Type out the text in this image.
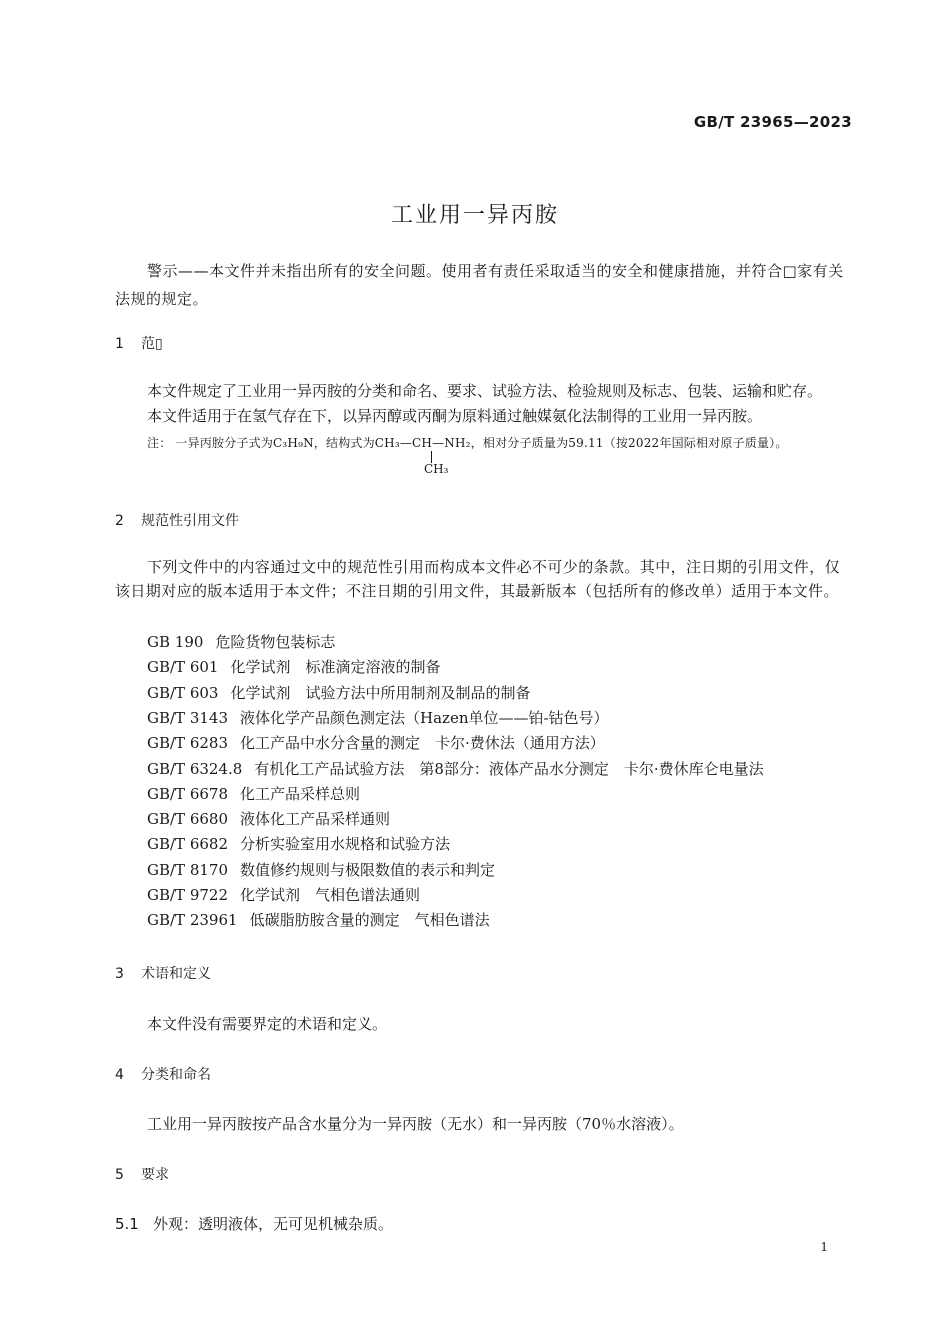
GB/T 23965—2023
工业用一异丙胺
警示——本文件并未指出所有的安全问题。使用者有责任采取适当的安全和健康措施，并符合□家有关法规的规定。
1 范▯
本文件规定了工业用一异丙胺的分类和命名、要求、试验方法、检验规则及标志、包装、运输和贮存。
本文件适用于在氢气存在下，以异丙醇或丙酮为原料通过触媒氨化法制得的工业用一异丙胺。
注： 一异丙胺分子式为C₃H₉N，结构式为CH₃—CH—NH₂，相对分子质量为59.11（按2022年国际相对原子质量）。
CH₃
2 规范性引用文件
下列文件中的内容通过文中的规范性引用而构成本文件必不可少的条款。其中，注日期的引用文件，仅该日期对应的版本适用于本文件；不注日期的引用文件，其最新版本（包括所有的修改单）适用于本文件。
GB 190 危险货物包装标志
GB/T 601 化学试剂　标准滴定溶液的制备
GB/T 603 化学试剂　试验方法中所用制剂及制品的制备
GB/T 3143 液体化学产品颜色测定法（Hazen单位——铂-钴色号）
GB/T 6283 化工产品中水分含量的测定　卡尔·费休法（通用方法）
GB/T 6324.8 有机化工产品试验方法　第8部分：液体产品水分测定　卡尔·费休库仑电量法
GB/T 6678 化工产品采样总则
GB/T 6680 液体化工产品采样通则
GB/T 6682 分析实验室用水规格和试验方法
GB/T 8170 数值修约规则与极限数值的表示和判定
GB/T 9722 化学试剂　气相色谱法通则
GB/T 23961 低碳脂肪胺含量的测定　气相色谱法
3 术语和定义
本文件没有需要界定的术语和定义。
4 分类和命名
工业用一异丙胺按产品含水量分为一异丙胺（无水）和一异丙胺（70％水溶液）。
5 要求
5.1 外观：透明液体，无可见机械杂质。
1
